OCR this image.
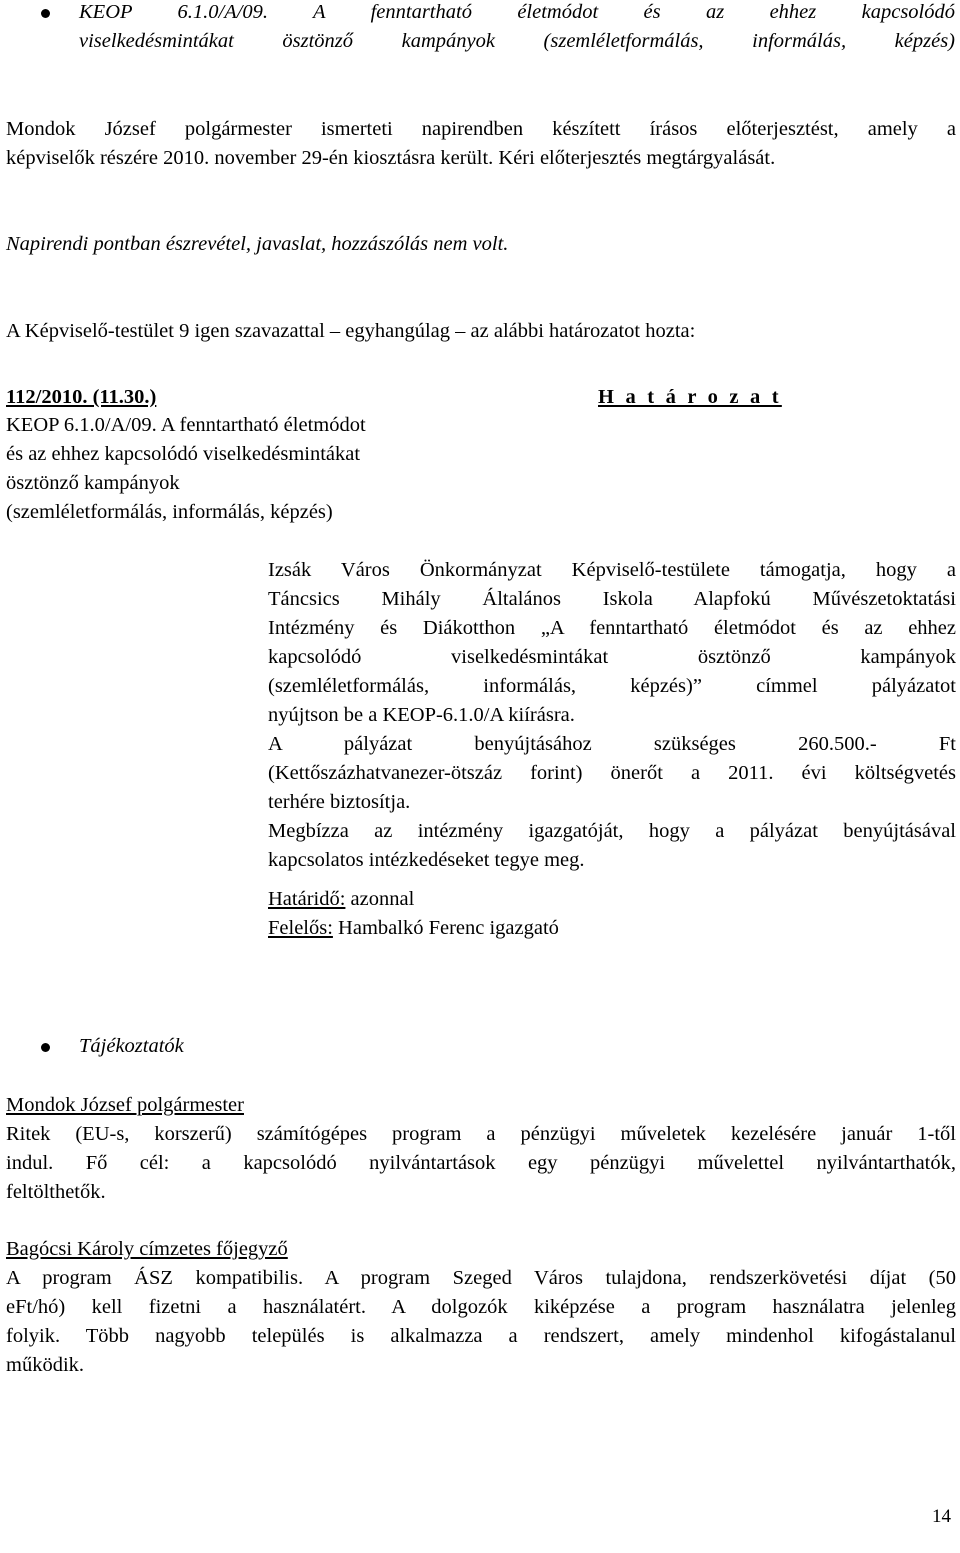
KEOP 6.1.0/A/09. A fenntartható életmódot és az ehhez kapcsolódó

viselkedésmintákat ösztönző kampányok (szemléletformálás, informálás, képzés)

Mondok József polgármester ismerteti napirendben készített írásos előterjesztést, amely a

képviselők részére 2010. november 29-én kiosztásra került. Kéri előterjesztés megtárgyalását.

Napirendi pontban észrevétel, javaslat, hozzászólás nem volt.
A Képviselő-testület 9 igen szavazattal – egyhangúlag – az alábbi határozatot hozta:
112/2010. (11.30.)	H a t á r o z a t

KEOP 6.1.0/A/09. A fenntartható életmódot

és az ehhez kapcsolódó viselkedésmintákat

ösztönző kampányok

(szemléletformálás, informálás, képzés)

Izsák Város Önkormányzat Képviselő-testülete támogatja, hogy a

Táncsics Mihály Általános Iskola Alapfokú Művészetoktatási

Intézmény és Diákotthon „A fenntartható életmódot és az ehhez

kapcsolódó viselkedésmintákat ösztönző kampányok

(szemléletformálás, informálás, képzés)” címmel pályázatot

nyújtson be a KEOP-6.1.0/A kiírásra.

A pályázat benyújtásához szükséges 260.500.- Ft

(Kettőszázhatvanezer-ötszáz forint) önerőt a 2011. évi költségvetés

terhére biztosítja.

Megbízza az intézmény igazgatóját, hogy a pályázat benyújtásával

kapcsolatos intézkedéseket tegye meg.

Határidő: azonnal
Felelős: Hambalkó Ferenc igazgató
Tájékoztatók
Mondok József polgármester

Ritek (EU-s, korszerű) számítógépes program a pénzügyi műveletek kezelésére január 1-től

indul. Fő cél: a kapcsolódó nyilvántartások egy pénzügyi művelettel nyilvántarthatók,

feltölthetők.

Bagócsi Károly címzetes főjegyző

A program ÁSZ kompatibilis. A program Szeged Város tulajdona, rendszerkövetési díjat (50

eFt/hó) kell fizetni a használatért. A dolgozók kiképzése a program használatra jelenleg

folyik. Több nagyobb település is alkalmazza a rendszert, amely mindenhol kifogástalanul

működik.

14
